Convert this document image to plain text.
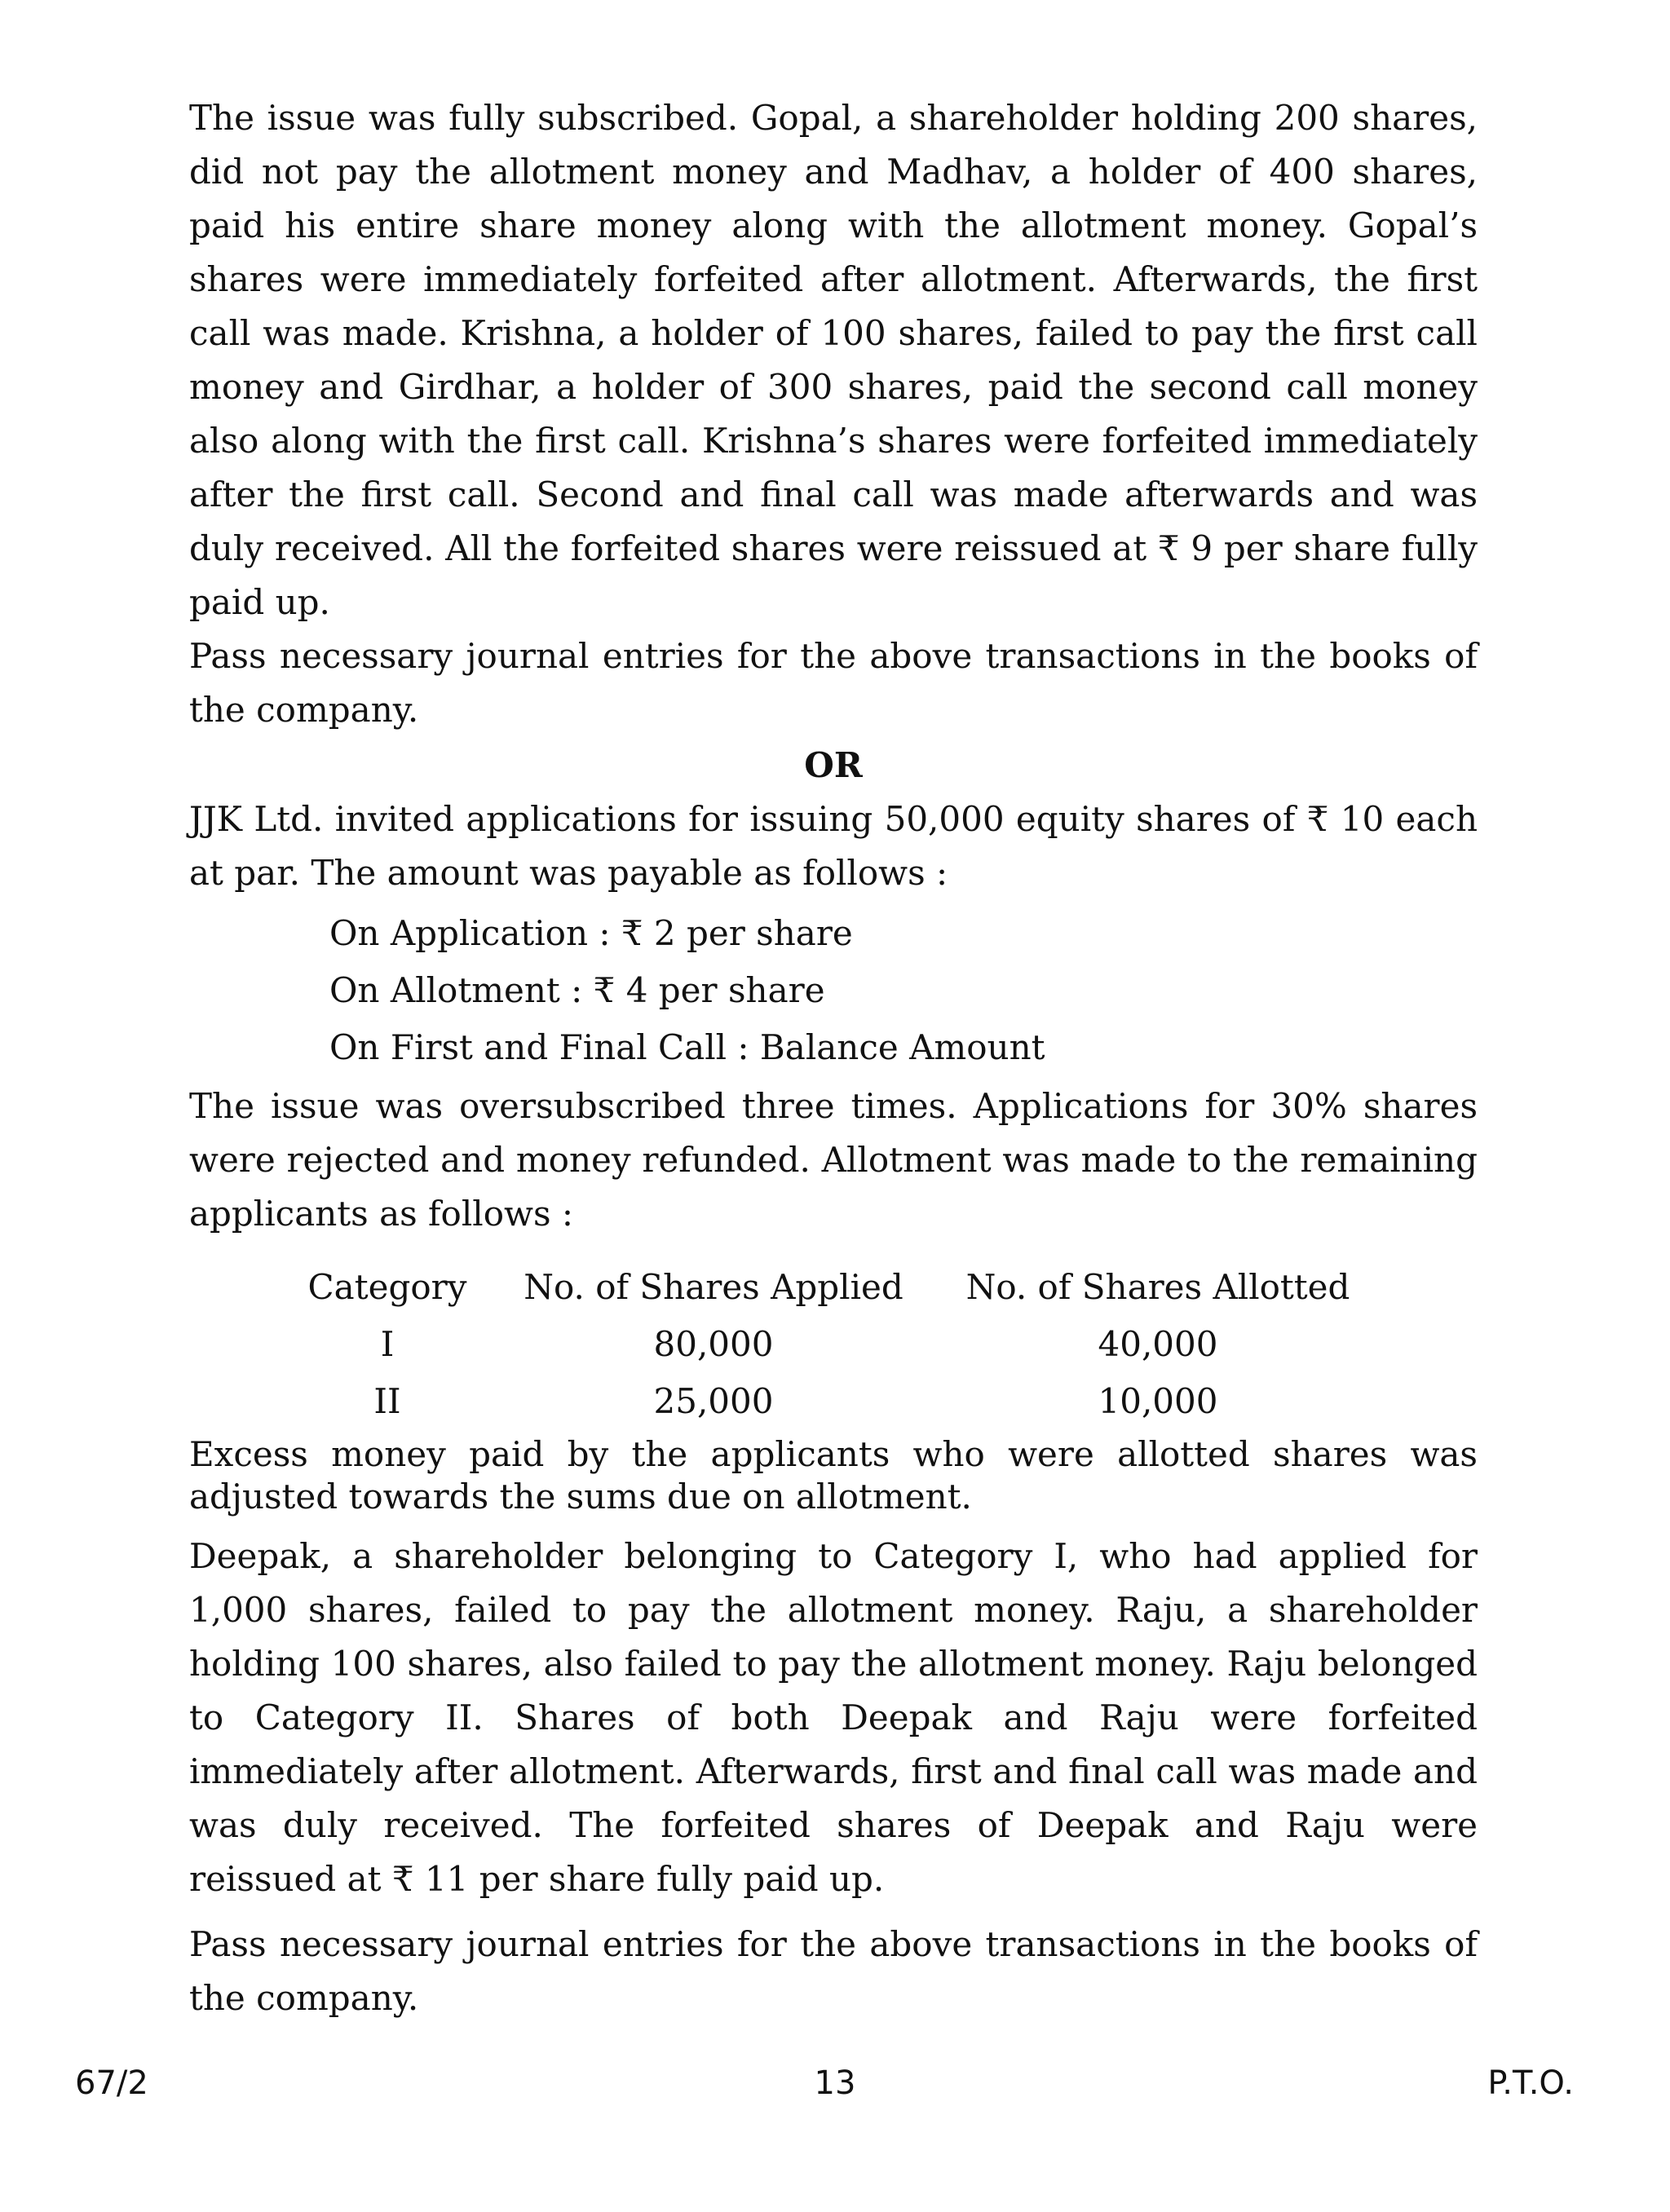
The issue was fully subscribed. Gopal, a shareholder holding 200 shares, did not pay the allotment money and Madhav, a holder of 400 shares, paid his entire share money along with the allotment money. Gopal’s shares were immediately forfeited after allotment. Afterwards, the first call was made. Krishna, a holder of 100 shares, failed to pay the first call money and Girdhar, a holder of 300 shares, paid the second call money also along with the first call. Krishna’s shares were forfeited immediately after the first call. Second and final call was made afterwards and was duly received. All the forfeited shares were reissued at ₹ 9 per share fully paid up.

Pass necessary journal entries for the above transactions in the books of the company.

OR

JJK Ltd. invited applications for issuing 50,000 equity shares of ₹ 10 each at par. The amount was payable as follows :

On Application : ₹ 2 per share
On Allotment : ₹ 4 per share
On First and Final Call : Balance Amount

The issue was oversubscribed three times. Applications for 30% shares were rejected and money refunded. Allotment was made to the remaining applicants as follows :

Category	No. of Shares Applied	No. of Shares Allotted
I	80,000	40,000
II	25,000	10,000

Excess money paid by the applicants who were allotted shares was adjusted towards the sums due on allotment.

Deepak, a shareholder belonging to Category I, who had applied for 1,000 shares, failed to pay the allotment money. Raju, a shareholder holding 100 shares, also failed to pay the allotment money. Raju belonged to Category II. Shares of both Deepak and Raju were forfeited immediately after allotment. Afterwards, first and final call was made and was duly received. The forfeited shares of Deepak and Raju were reissued at ₹ 11 per share fully paid up.

Pass necessary journal entries for the above transactions in the books of the company.

67/2	13	P.T.O.
